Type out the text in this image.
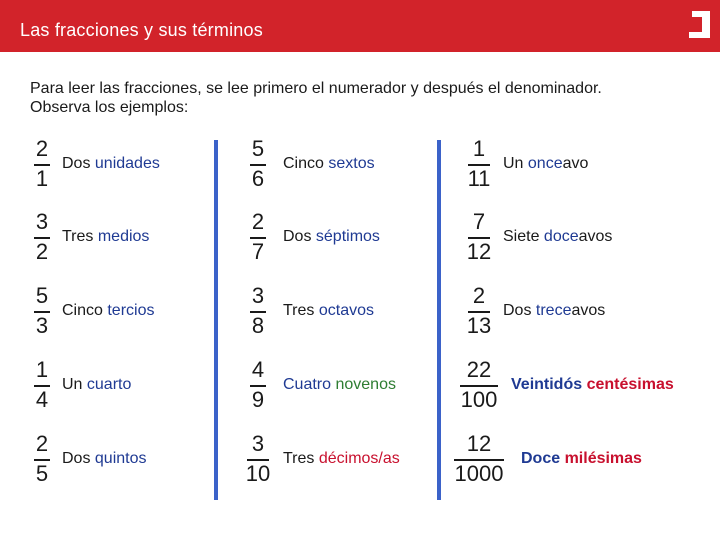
Las fracciones y sus términos
Para leer las fracciones, se lee primero el numerador y después el denominador.
Observa los ejemplos:
2
1
Dos unidades
3
2
Tres medios
5
3
Cinco tercios
1
4
Un cuarto
2
5
Dos quintos
5
6
Cinco sextos
2
7
Dos séptimos
3
8
Tres octavos
4
9
Cuatro novenos
3
10
Tres décimos/as
1
11
Un onceavo
7
12
Siete doceavos
2
13
Dos treceavos
22
100
Veintidós centésimas
12
1000
Doce milésimas
